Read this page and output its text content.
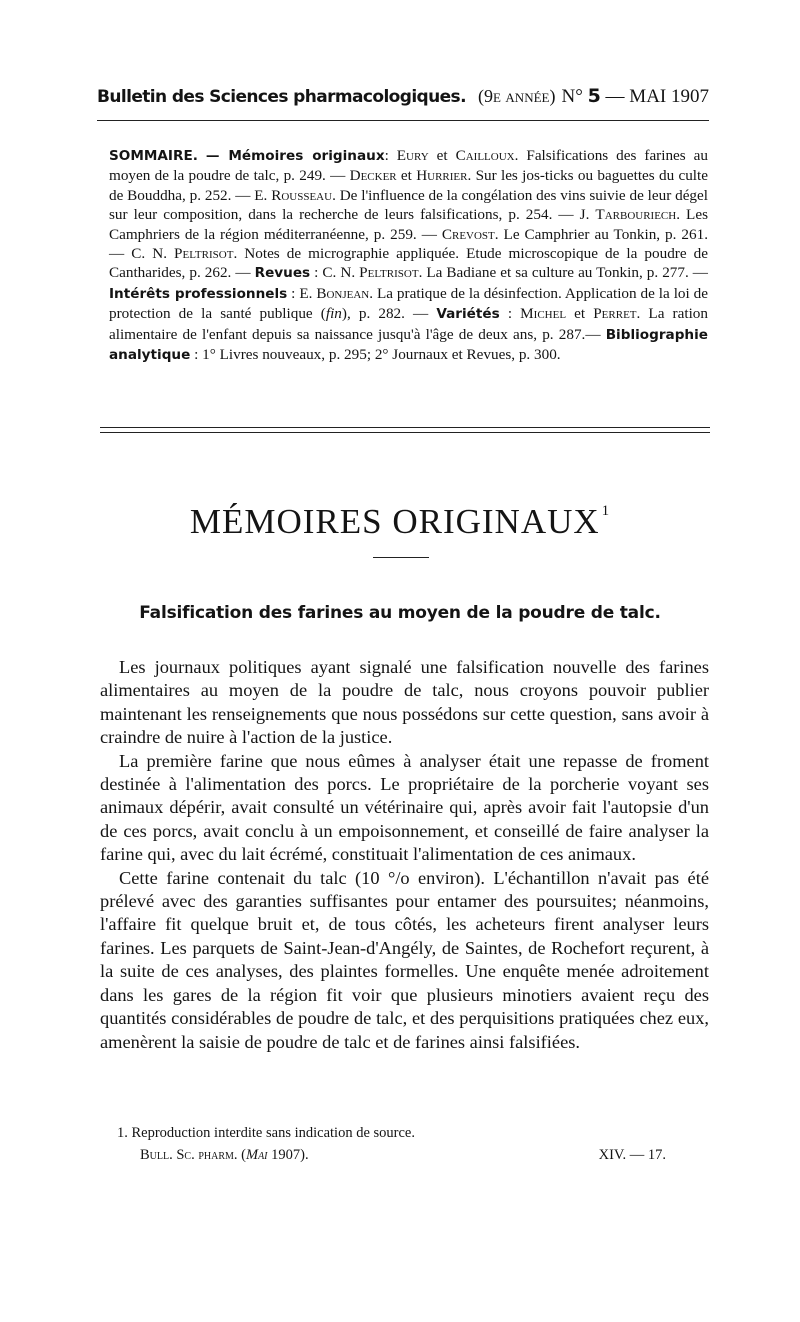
Bulletin des Sciences pharmacologiques. (9e année) N° 5 — MAI 1907

SOMMAIRE. — Mémoires originaux: Eury et Cailloux. Falsifications des farines au moyen de la poudre de talc, p. 249. — Decker et Hurrier. Sur les jos-ticks ou baguettes du culte de Bouddha, p. 252. — E. Rousseau. De l'influence de la congélation des vins suivie de leur dégel sur leur composition, dans la recherche de leurs falsifications, p. 254. — J. Tarbouriech. Les Camphriers de la région méditerranéenne, p. 259. — Crevost. Le Camphrier au Tonkin, p. 261. — C. N. Peltrisot. Notes de micrographie appliquée. Etude microscopique de la poudre de Cantharides, p. 262. — Revues : C. N. Peltrisot. La Badiane et sa culture au Tonkin, p. 277. — Intérêts professionnels : E. Bonjean. La pratique de la désinfection. Application de la loi de protection de la santé publique (fin), p. 282. — Variétés : Michel et Perret. La ration alimentaire de l'enfant depuis sa naissance jusqu'à l'âge de deux ans, p. 287.— Bibliographie analytique : 1° Livres nouveaux, p. 295; 2° Journaux et Revues, p. 300.

MÉMOIRES ORIGINAUX $^1$
Falsification des farines au moyen de la poudre de talc.

Les journaux politiques ayant signalé une falsification nouvelle des farines alimentaires au moyen de la poudre de talc, nous croyons pouvoir publier maintenant les renseignements que nous possédons sur cette question, sans avoir à craindre de nuire à l'action de la justice.

La première farine que nous eûmes à analyser était une repasse de froment destinée à l'alimentation des porcs. Le propriétaire de la porcherie voyant ses animaux dépérir, avait consulté un vétérinaire qui, après avoir fait l'autopsie d'un de ces porcs, avait conclu à un empoisonnement, et conseillé de faire analyser la farine qui, avec du lait écrémé, constituait l'alimentation de ces animaux.

Cette farine contenait du talc (10 °/o environ). L'échantillon n'avait pas été prélevé avec des garanties suffisantes pour entamer des poursuites; néanmoins, l'affaire fit quelque bruit et, de tous côtés, les acheteurs firent analyser leurs farines. Les parquets de Saint-Jean-d'Angély, de Saintes, de Rochefort reçurent, à la suite de ces analyses, des plaintes formelles. Une enquête menée adroitement dans les gares de la région fit voir que plusieurs minotiers avaient reçu des quantités considérables de poudre de talc, et des perquisitions pratiquées chez eux, amenèrent la saisie de poudre de talc et de farines ainsi falsifiées.

1. Reproduction interdite sans indication de source.
Bull. Sc. pharm. (Mai 1907).	XIV. — 17.
